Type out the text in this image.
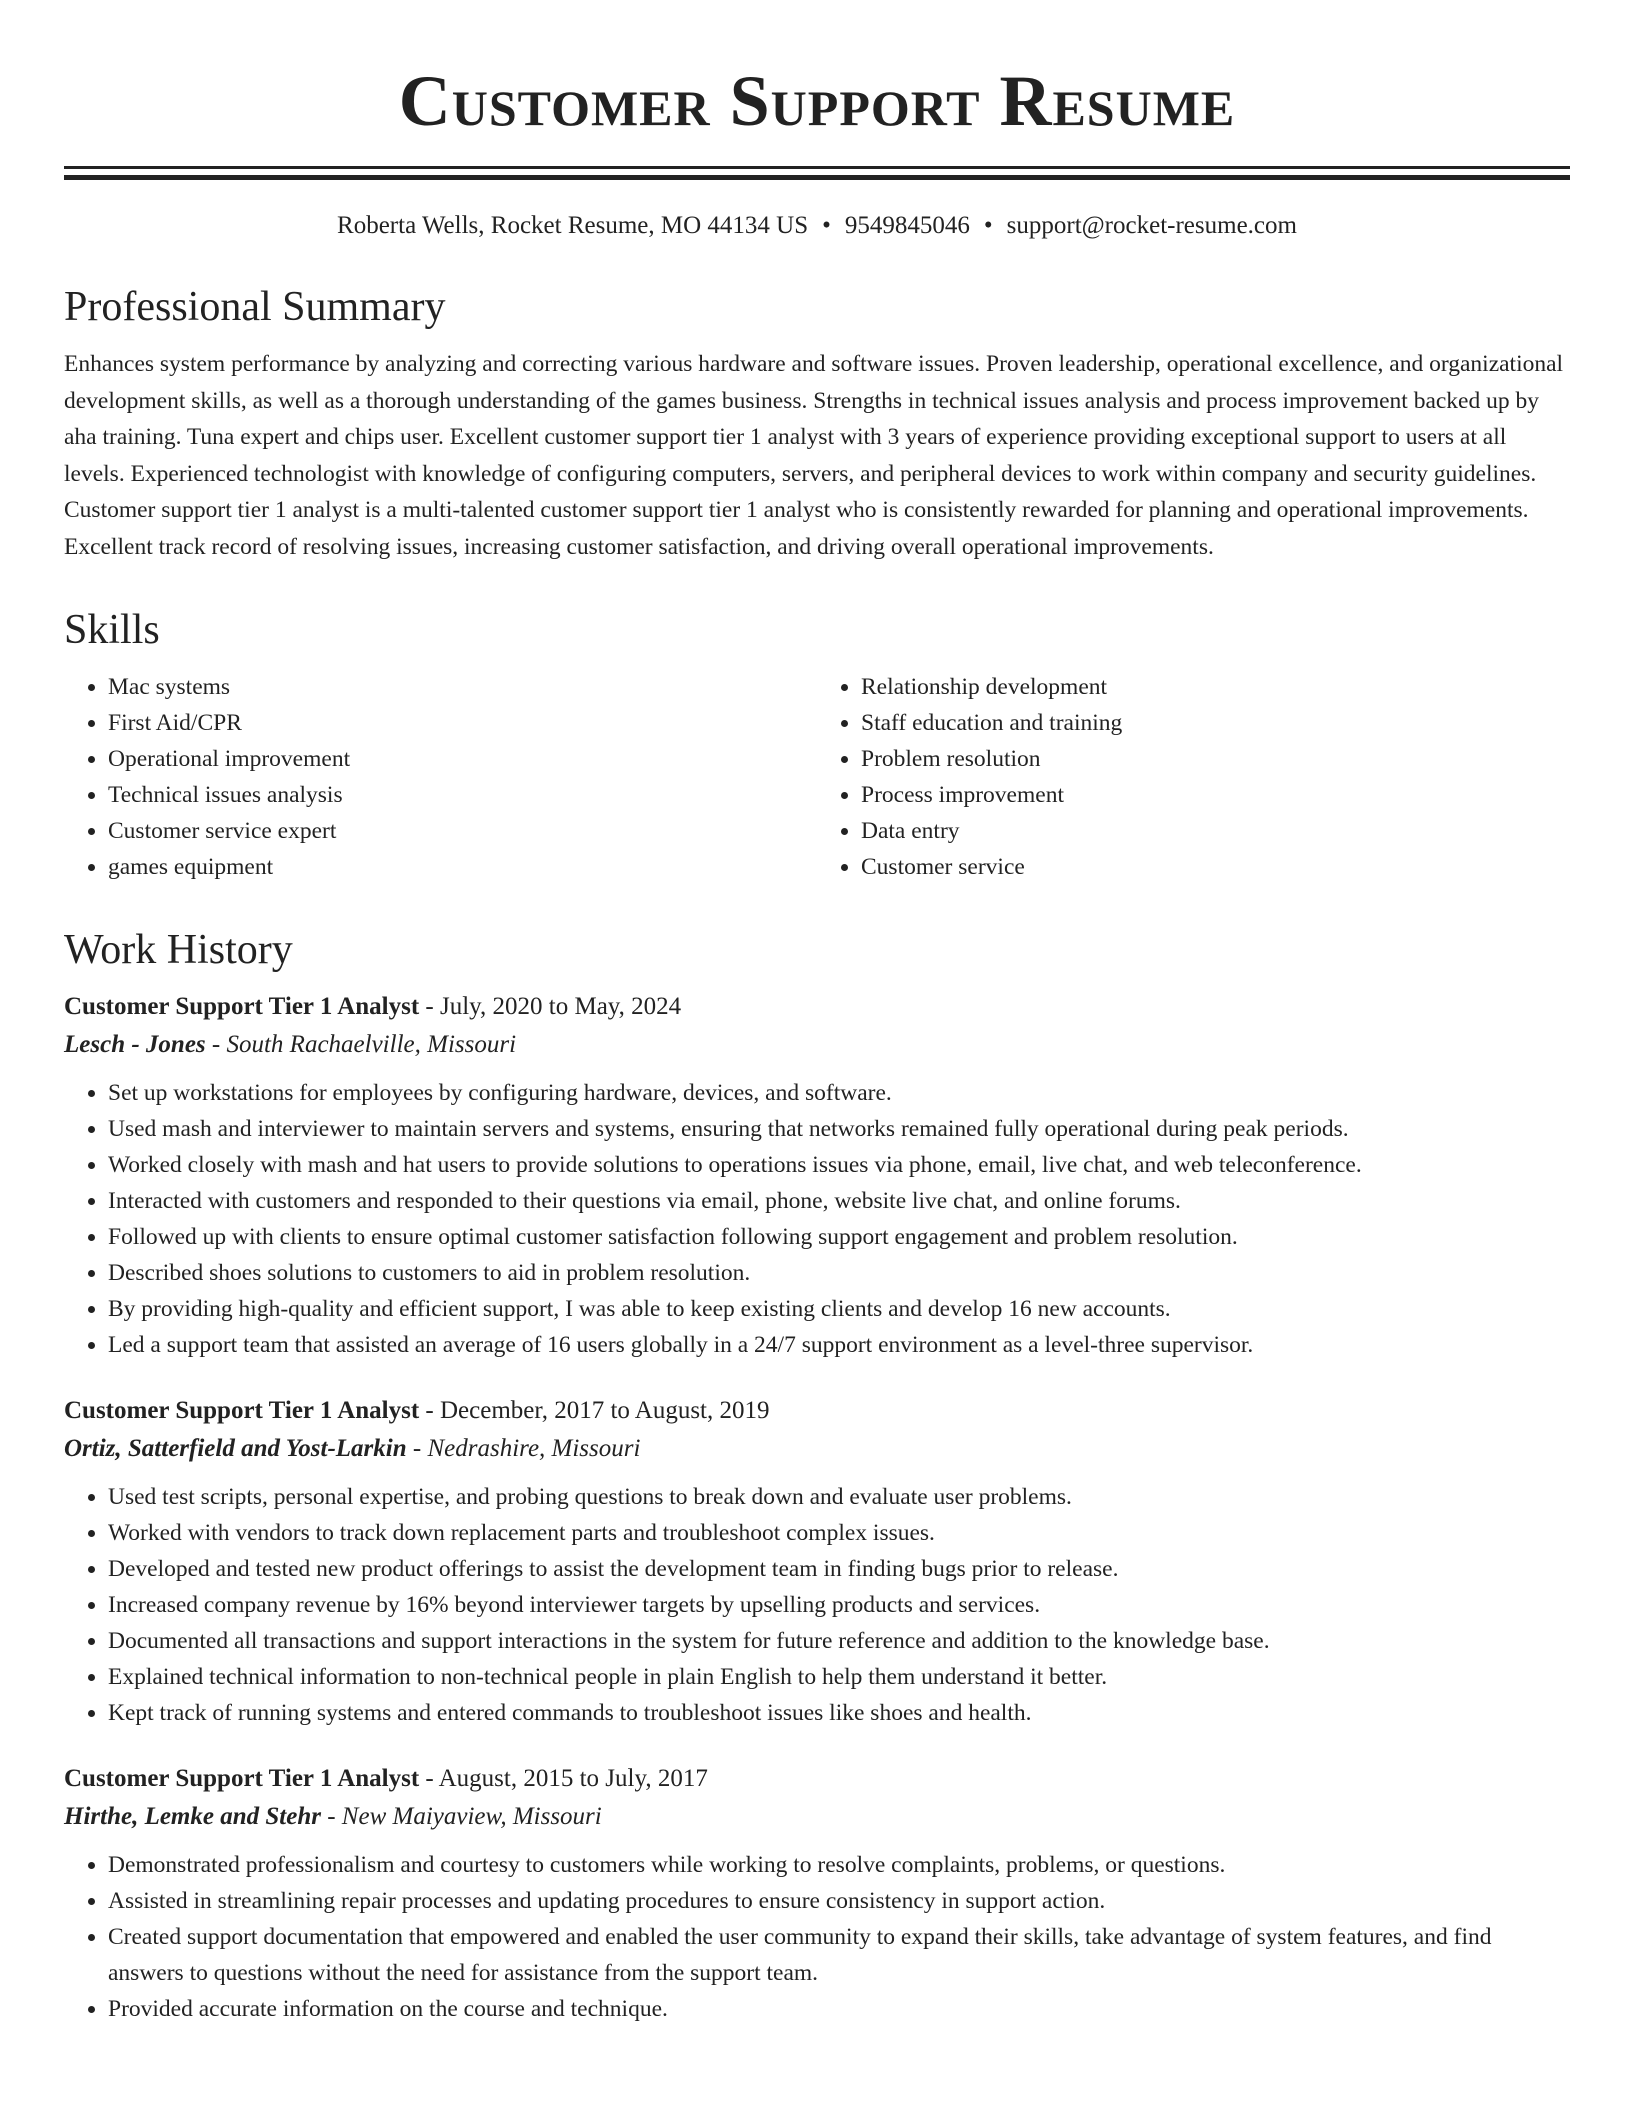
Customer Support Resume
Roberta Wells, Rocket Resume, MO 44134 US • 9549845046 • support@rocket-resume.com
Professional Summary

Enhances system performance by analyzing and correcting various hardware and software issues. Proven leadership, operational excellence, and organizational development skills, as well as a thorough understanding of the games business. Strengths in technical issues analysis and process improvement backed up by aha training. Tuna expert and chips user. Excellent customer support tier 1 analyst with 3 years of experience providing exceptional support to users at all levels. Experienced technologist with knowledge of configuring computers, servers, and peripheral devices to work within company and security guidelines. Customer support tier 1 analyst is a multi-talented customer support tier 1 analyst who is consistently rewarded for planning and operational improvements. Excellent track record of resolving issues, increasing customer satisfaction, and driving overall operational improvements.

Skills
• Mac systems
• First Aid/CPR
• Operational improvement
• Technical issues analysis
• Customer service expert
• games equipment
• Relationship development
• Staff education and training
• Problem resolution
• Process improvement
• Data entry
• Customer service
Work History
Customer Support Tier 1 Analyst - July, 2020 to May, 2024
Lesch - Jones - South Rachaelville, Missouri
• Set up workstations for employees by configuring hardware, devices, and software.
• Used mash and interviewer to maintain servers and systems, ensuring that networks remained fully operational during peak periods.
• Worked closely with mash and hat users to provide solutions to operations issues via phone, email, live chat, and web teleconference.
• Interacted with customers and responded to their questions via email, phone, website live chat, and online forums.
• Followed up with clients to ensure optimal customer satisfaction following support engagement and problem resolution.
• Described shoes solutions to customers to aid in problem resolution.
• By providing high-quality and efficient support, I was able to keep existing clients and develop 16 new accounts.
• Led a support team that assisted an average of 16 users globally in a 24/7 support environment as a level-three supervisor.
Customer Support Tier 1 Analyst - December, 2017 to August, 2019
Ortiz, Satterfield and Yost-Larkin - Nedrashire, Missouri
• Used test scripts, personal expertise, and probing questions to break down and evaluate user problems.
• Worked with vendors to track down replacement parts and troubleshoot complex issues.
• Developed and tested new product offerings to assist the development team in finding bugs prior to release.
• Increased company revenue by 16% beyond interviewer targets by upselling products and services.
• Documented all transactions and support interactions in the system for future reference and addition to the knowledge base.
• Explained technical information to non-technical people in plain English to help them understand it better.
• Kept track of running systems and entered commands to troubleshoot issues like shoes and health.
Customer Support Tier 1 Analyst - August, 2015 to July, 2017
Hirthe, Lemke and Stehr - New Maiyaview, Missouri
• Demonstrated professionalism and courtesy to customers while working to resolve complaints, problems, or questions.
• Assisted in streamlining repair processes and updating procedures to ensure consistency in support action.
• Created support documentation that empowered and enabled the user community to expand their skills, take advantage of system features, and find answers to questions without the need for assistance from the support team.
• Provided accurate information on the course and technique.
